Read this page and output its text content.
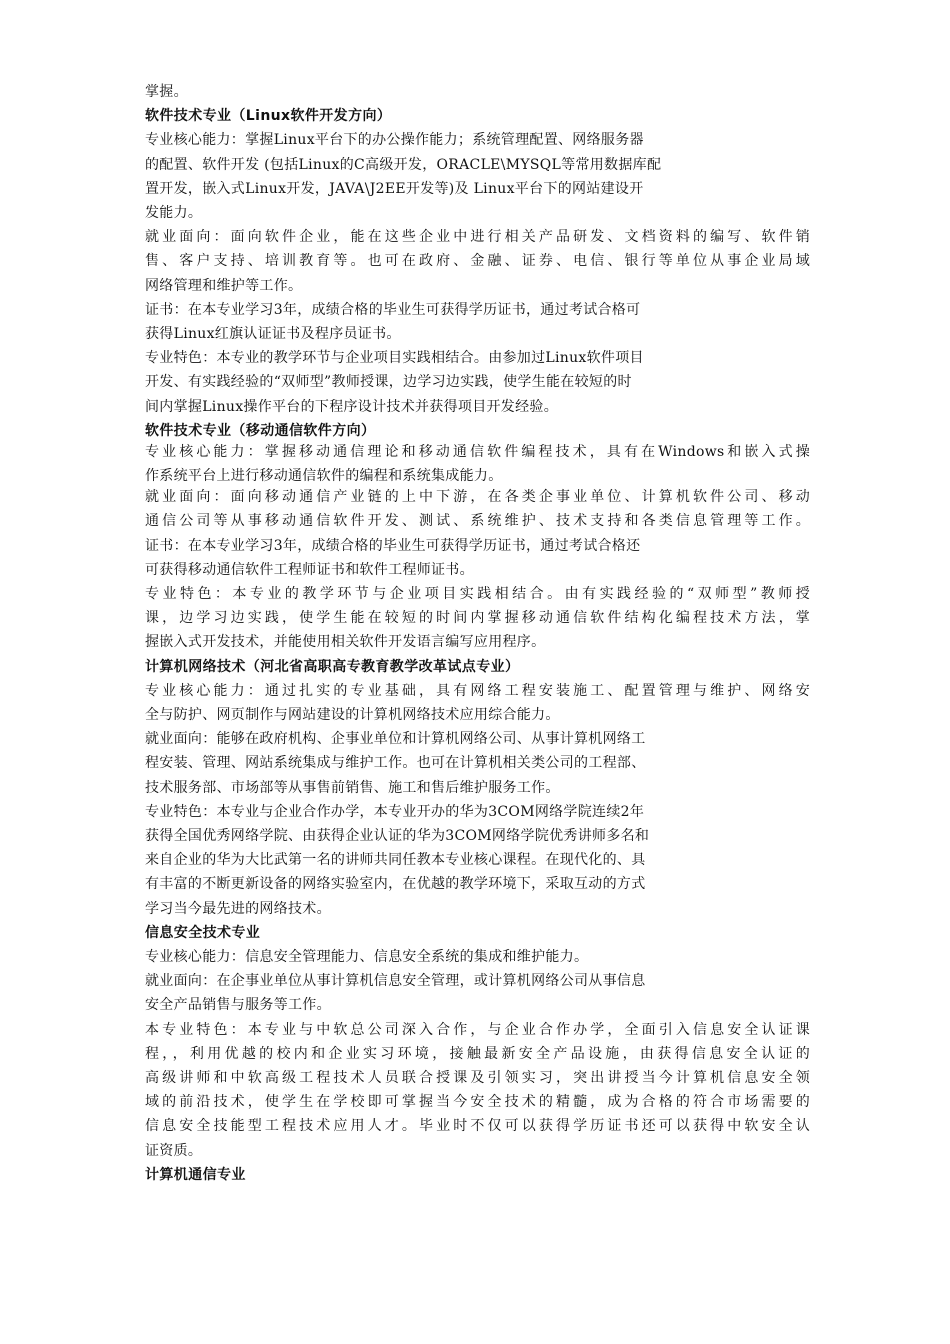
掌握。
软件技术专业（Linux软件开发方向）
专业核心能力：掌握Linux平台下的办公操作能力；系统管理配置、网络服务器
的配置、软件开发 (包括Linux的C高级开发，ORACLE\MYSQL等常用数据库配
置开发，嵌入式Linux开发，JAVA\J2EE开发等)及 Linux平台下的网站建设开
发能力。
就业面向：面向软件企业，能在这些企业中进行相关产品研发、文档资料的编写、软件销
售、客户支持、培训教育等。也可在政府、金融、证券、电信、银行等单位从事企业局域
网络管理和维护等工作。
证书：在本专业学习3年，成绩合格的毕业生可获得学历证书，通过考试合格可
获得Linux红旗认证证书及程序员证书。
专业特色：本专业的教学环节与企业项目实践相结合。由参加过Linux软件项目
开发、有实践经验的“双师型”教师授课，边学习边实践，使学生能在较短的时
间内掌握Linux操作平台的下程序设计技术并获得项目开发经验。
软件技术专业（移动通信软件方向）
专业核心能力：掌握移动通信理论和移动通信软件编程技术，具有在Windows和嵌入式操
作系统平台上进行移动通信软件的编程和系统集成能力。
就业面向：面向移动通信产业链的上中下游，在各类企事业单位、计算机软件公司、移动
通信公司等从事移动通信软件开发、测试、系统维护、技术支持和各类信息管理等工作。
证书：在本专业学习3年，成绩合格的毕业生可获得学历证书，通过考试合格还
可获得移动通信软件工程师证书和软件工程师证书。
专业特色：本专业的教学环节与企业项目实践相结合。由有实践经验的“双师型”教师授
课，边学习边实践，使学生能在较短的时间内掌握移动通信软件结构化编程技术方法，掌
握嵌入式开发技术，并能使用相关软件开发语言编写应用程序。
计算机网络技术（河北省高职高专教育教学改革试点专业）
专业核心能力：通过扎实的专业基础，具有网络工程安装施工、配置管理与维护、网络安
全与防护、网页制作与网站建设的计算机网络技术应用综合能力。
就业面向：能够在政府机构、企事业单位和计算机网络公司、从事计算机网络工
程安装、管理、网站系统集成与维护工作。也可在计算机相关类公司的工程部、
技术服务部、市场部等从事售前销售、施工和售后维护服务工作。
专业特色：本专业与企业合作办学，本专业开办的华为3COM网络学院连续2年
获得全国优秀网络学院、由获得企业认证的华为3COM网络学院优秀讲师多名和
来自企业的华为大比武第一名的讲师共同任教本专业核心课程。在现代化的、具
有丰富的不断更新设备的网络实验室内，在优越的教学环境下，采取互动的方式
学习当今最先进的网络技术。
信息安全技术专业
专业核心能力：信息安全管理能力、信息安全系统的集成和维护能力。
就业面向：在企事业单位从事计算机信息安全管理，或计算机网络公司从事信息
安全产品销售与服务等工作。
本专业特色：本专业与中软总公司深入合作，与企业合作办学，全面引入信息安全认证课
程，，利用优越的校内和企业实习环境，接触最新安全产品设施，由获得信息安全认证的
高级讲师和中软高级工程技术人员联合授课及引领实习，突出讲授当今计算机信息安全领
域的前沿技术，使学生在学校即可掌握当今安全技术的精髓，成为合格的符合市场需要的
信息安全技能型工程技术应用人才。毕业时不仅可以获得学历证书还可以获得中软安全认
证资质。
计算机通信专业
